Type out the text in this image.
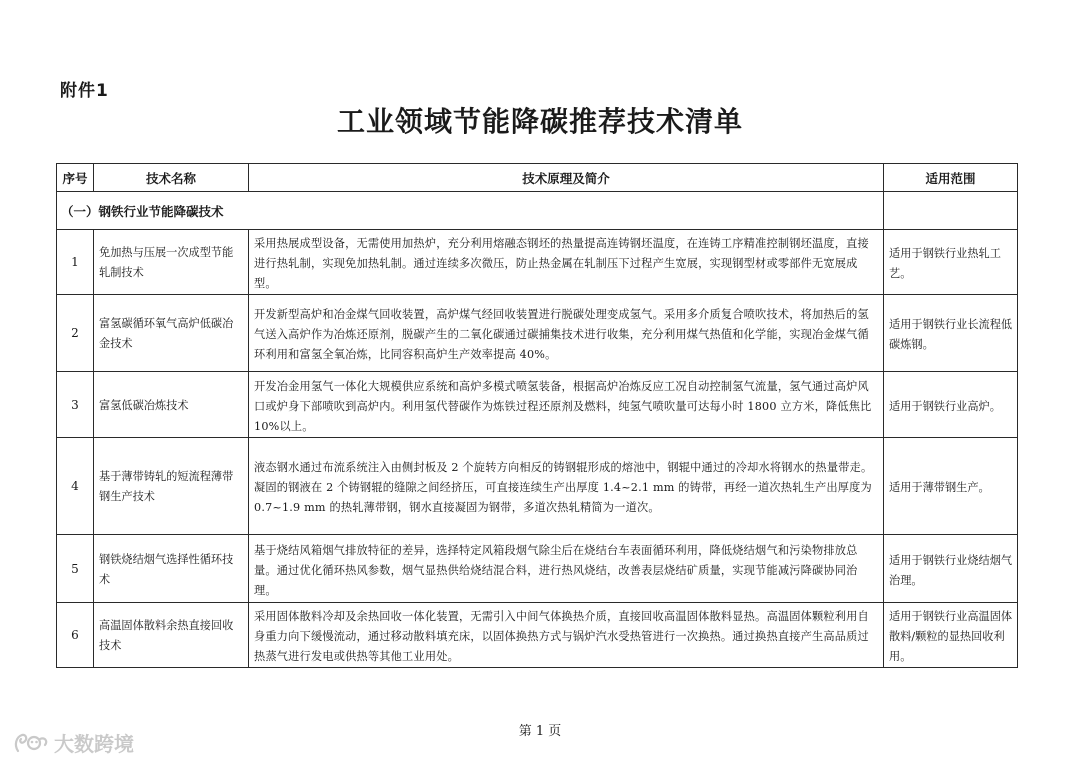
附件1
工业领域节能降碳推荐技术清单
序号	技术名称	技术原理及简介	适用范围
（一）钢铁行业节能降碳技术			
1	免加热与压展一次成型节能轧制技术	采用热展成型设备，无需使用加热炉，充分利用熔融态钢坯的热量提高连铸钢坯温度，在连铸工序精准控制钢坯温度，直接进行热轧制，实现免加热轧制。通过连续多次微压，防止热金属在轧制压下过程产生宽展，实现钢型材或零部件无宽展成型。	适用于钢铁行业热轧工艺。
2	富氢碳循环氧气高炉低碳冶金技术	开发新型高炉和冶金煤气回收装置，高炉煤气经回收装置进行脱碳处理变成氢气。采用多介质复合喷吹技术，将加热后的氢气送入高炉作为冶炼还原剂，脱碳产生的二氧化碳通过碳捕集技术进行收集，充分利用煤气热值和化学能，实现冶金煤气循环利用和富氢全氧冶炼，比同容积高炉生产效率提高 40%。	适用于钢铁行业长流程低碳炼钢。
3	富氢低碳冶炼技术	开发冶金用氢气一体化大规模供应系统和高炉多模式喷氢装备，根据高炉冶炼反应工况自动控制氢气流量，氢气通过高炉风口或炉身下部喷吹到高炉内。利用氢代替碳作为炼铁过程还原剂及燃料，纯氢气喷吹量可达每小时 1800 立方米，降低焦比 10%以上。	适用于钢铁行业高炉。
4	基于薄带铸轧的短流程薄带钢生产技术	液态钢水通过布流系统注入由侧封板及 2 个旋转方向相反的铸钢辊形成的熔池中，钢辊中通过的冷却水将钢水的热量带走。凝固的钢液在 2 个铸钢辊的缝隙之间经挤压，可直接连续生产出厚度 1.4~2.1 mm 的铸带，再经一道次热轧生产出厚度为 0.7~1.9 mm 的热轧薄带钢，钢水直接凝固为钢带，多道次热轧精简为一道次。	适用于薄带钢生产。
5	钢铁烧结烟气选择性循环技术	基于烧结风箱烟气排放特征的差异，选择特定风箱段烟气除尘后在烧结台车表面循环利用，降低烧结烟气和污染物排放总量。通过优化循环热风参数，烟气显热供给烧结混合料，进行热风烧结，改善表层烧结矿质量，实现节能减污降碳协同治理。	适用于钢铁行业烧结烟气治理。
6	高温固体散料余热直接回收技术	采用固体散料冷却及余热回收一体化装置，无需引入中间气体换热介质，直接回收高温固体散料显热。高温固体颗粒利用自身重力向下缓慢流动，通过移动散料填充床，以固体换热方式与锅炉汽水受热管进行一次换热。通过换热直接产生高品质过热蒸气进行发电或供热等其他工业用处。	适用于钢铁行业高温固体散料/颗粒的显热回收利用。
第 1 页
大数跨境
